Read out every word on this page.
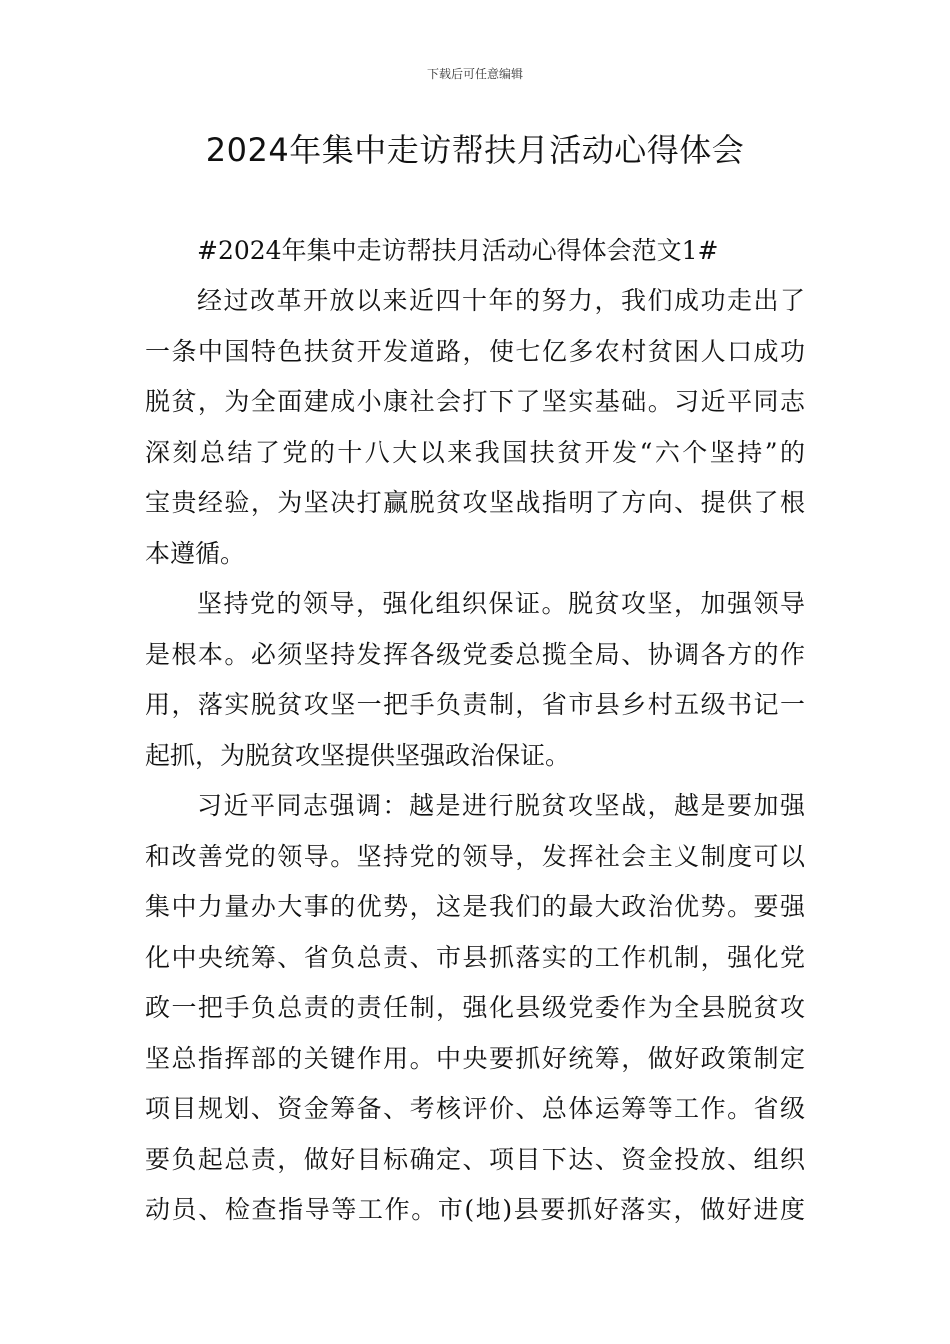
下载后可任意编辑
2024年集中走访帮扶月活动心得体会

#2024年集中走访帮扶月活动心得体会范文1#

经过改革开放以来近四十年的努力，我们成功走出了
一条中国特色扶贫开发道路，使七亿多农村贫困人口成功
脱贫，为全面建成小康社会打下了坚实基础。习近平同志
深刻总结了党的十八大以来我国扶贫开发“六个坚持”的
宝贵经验，为坚决打赢脱贫攻坚战指明了方向、提供了根
本遵循。
坚持党的领导，强化组织保证。脱贫攻坚，加强领导
是根本。必须坚持发挥各级党委总揽全局、协调各方的作
用，落实脱贫攻坚一把手负责制，省市县乡村五级书记一
起抓，为脱贫攻坚提供坚强政治保证。
习近平同志强调：越是进行脱贫攻坚战，越是要加强
和改善党的领导。坚持党的领导，发挥社会主义制度可以
集中力量办大事的优势，这是我们的最大政治优势。要强
化中央统筹、省负总责、市县抓落实的工作机制，强化党
政一把手负总责的责任制，强化县级党委作为全县脱贫攻
坚总指挥部的关键作用。中央要抓好统筹，做好政策制定
项目规划、资金筹备、考核评价、总体运筹等工作。省级
要负起总责，做好目标确定、项目下达、资金投放、组织
动员、检查指导等工作。市(地)县要抓好落实，做好进度
